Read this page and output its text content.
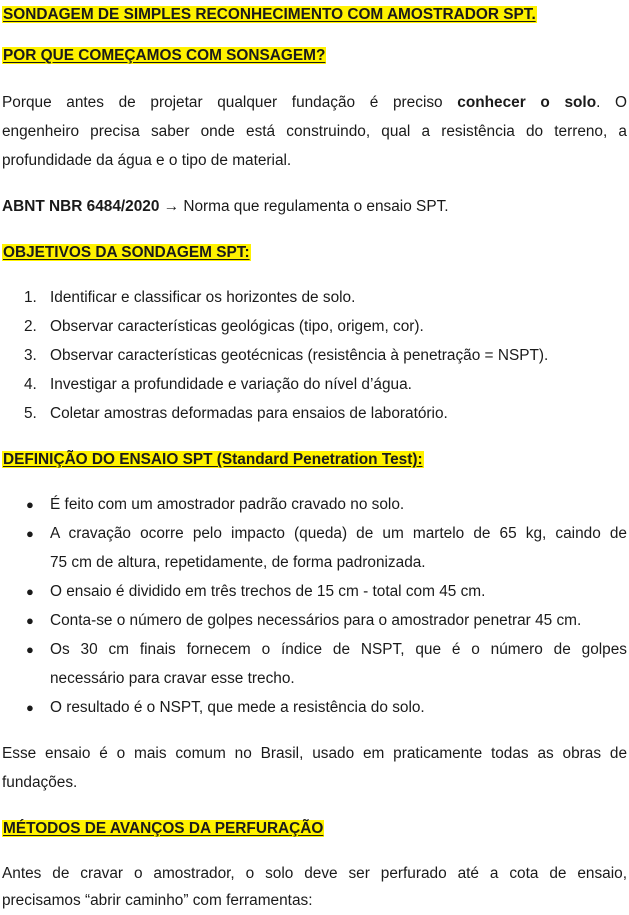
SONDAGEM DE SIMPLES RECONHECIMENTO COM AMOSTRADOR SPT.
POR QUE COMEÇAMOS COM SONSAGEM?
Porque antes de projetar qualquer fundação é preciso conhecer o solo. O
engenheiro precisa saber onde está construindo, qual a resistência do terreno, a
profundidade da água e o tipo de material.
ABNT NBR 6484/2020 → Norma que regulamenta o ensaio SPT.
OBJETIVOS DA SONDAGEM SPT:
1. Identificar e classificar os horizontes de solo.
2. Observar características geológicas (tipo, origem, cor).
3. Observar características geotécnicas (resistência à penetração = NSPT).
4. Investigar a profundidade e variação do nível d’água.
5. Coletar amostras deformadas para ensaios de laboratório.
DEFINIÇÃO DO ENSAIO SPT (Standard Penetration Test):
● É feito com um amostrador padrão cravado no solo.
● A cravação ocorre pelo impacto (queda) de um martelo de 65 kg, caindo de
75 cm de altura, repetidamente, de forma padronizada.
● O ensaio é dividido em três trechos de 15 cm - total com 45 cm.
● Conta-se o número de golpes necessários para o amostrador penetrar 45 cm.
● Os 30 cm finais fornecem o índice de NSPT, que é o número de golpes
necessário para cravar esse trecho.
● O resultado é o NSPT, que mede a resistência do solo.
Esse ensaio é o mais comum no Brasil, usado em praticamente todas as obras de
fundações.
MÉTODOS DE AVANÇOS DA PERFURAÇÃO
Antes de cravar o amostrador, o solo deve ser perfurado até a cota de ensaio,
precisamos “abrir caminho” com ferramentas:
